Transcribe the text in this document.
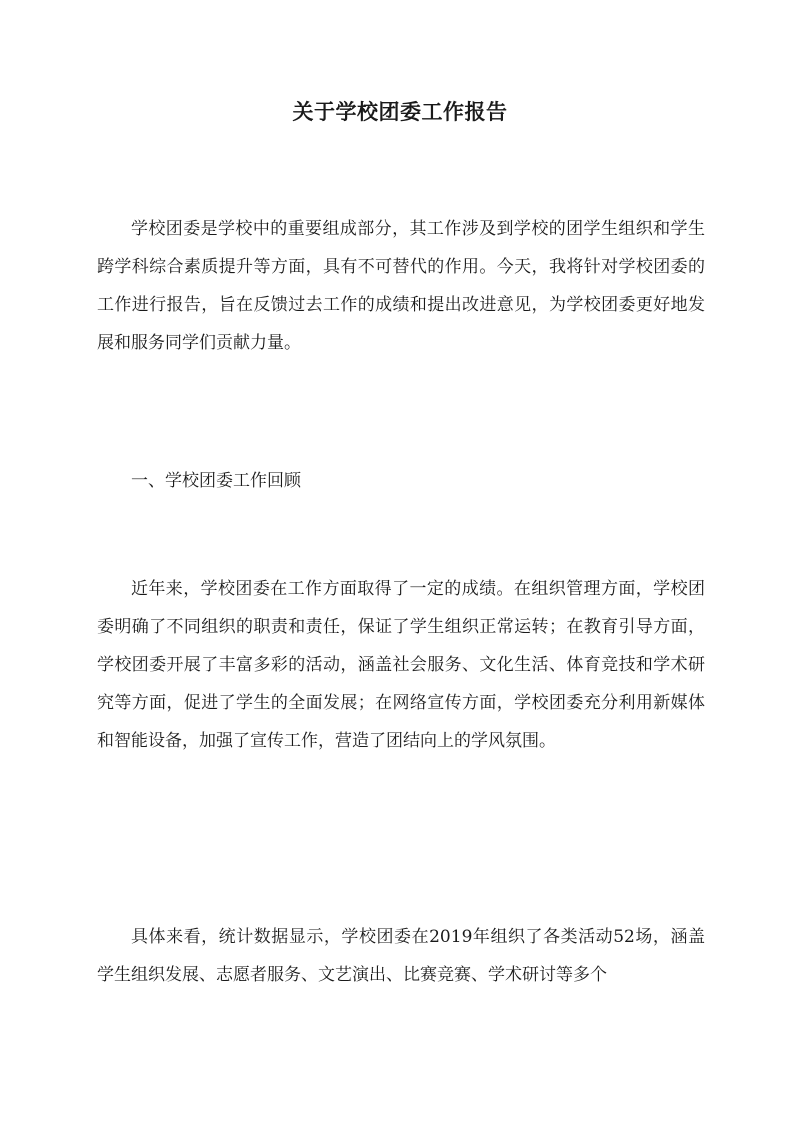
关于学校团委工作报告

学校团委是学校中的重要组成部分，其工作涉及到学校的团学生组织和学生跨学科综合素质提升等方面，具有不可替代的作用。今天，我将针对学校团委的工作进行报告，旨在反馈过去工作的成绩和提出改进意见，为学校团委更好地发展和服务同学们贡献力量。

一、学校团委工作回顾

近年来，学校团委在工作方面取得了一定的成绩。在组织管理方面，学校团委明确了不同组织的职责和责任，保证了学生组织正常运转；在教育引导方面，学校团委开展了丰富多彩的活动，涵盖社会服务、文化生活、体育竞技和学术研究等方面，促进了学生的全面发展；在网络宣传方面，学校团委充分利用新媒体和智能设备，加强了宣传工作，营造了团结向上的学风氛围。

具体来看，统计数据显示，学校团委在2019年组织了各类活动52场，涵盖学生组织发展、志愿者服务、文艺演出、比赛竞赛、学术研讨等多个
